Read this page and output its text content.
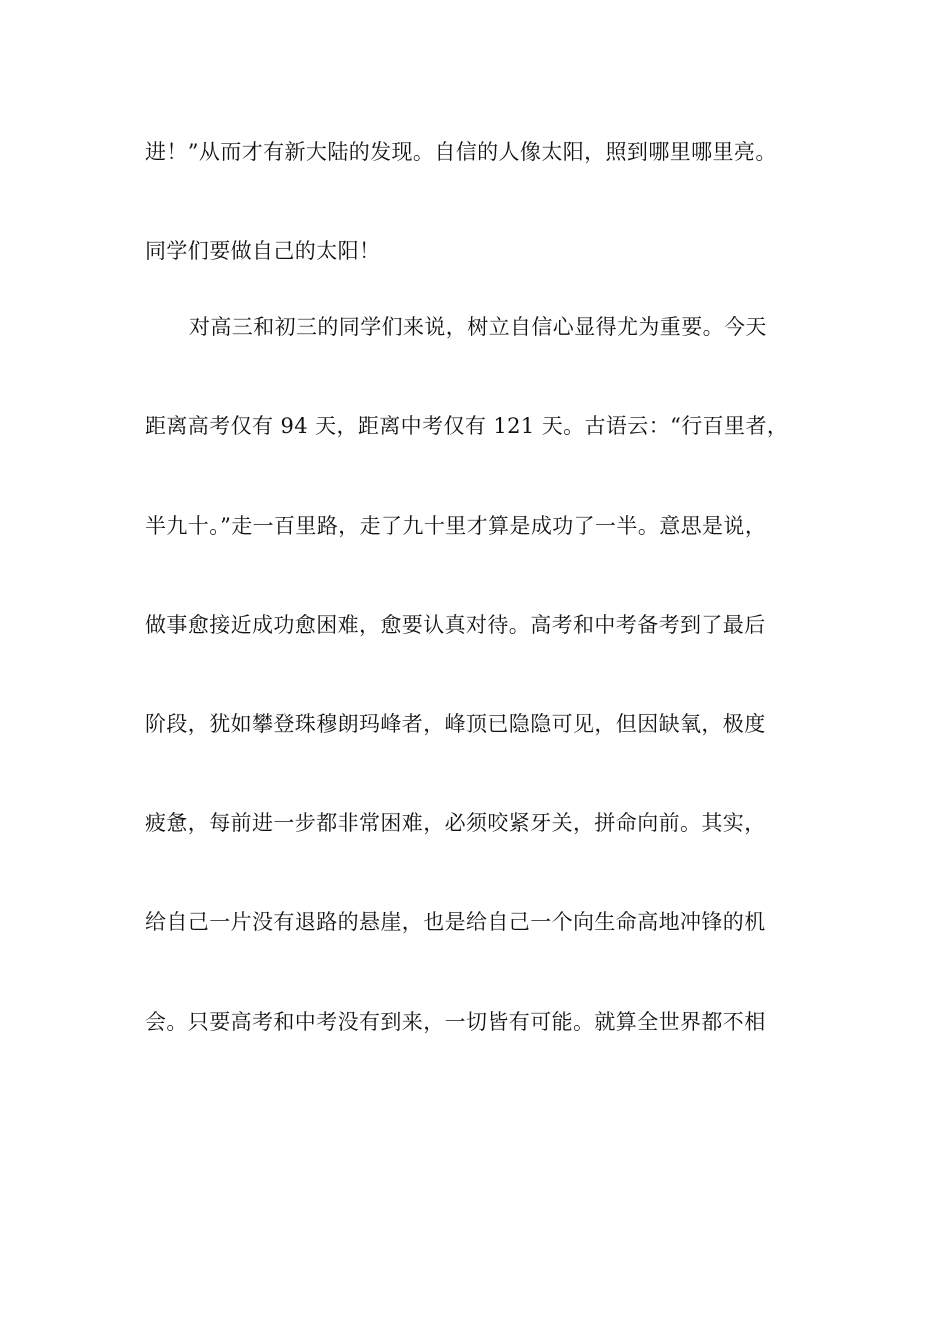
进！”从而才有新大陆的发现。自信的人像太阳，照到哪里哪里亮。
同学们要做自己的太阳！
对高三和初三的同学们来说，树立自信心显得尤为重要。今天
距离高考仅有 94 天，距离中考仅有 121 天。古语云：“行百里者，
半九十。”走一百里路，走了九十里才算是成功了一半。意思是说，
做事愈接近成功愈困难，愈要认真对待。高考和中考备考到了最后
阶段，犹如攀登珠穆朗玛峰者，峰顶已隐隐可见，但因缺氧，极度
疲惫，每前进一步都非常困难，必须咬紧牙关，拼命向前。其实，
给自己一片没有退路的悬崖，也是给自己一个向生命高地冲锋的机
会。只要高考和中考没有到来，一切皆有可能。就算全世界都不相
